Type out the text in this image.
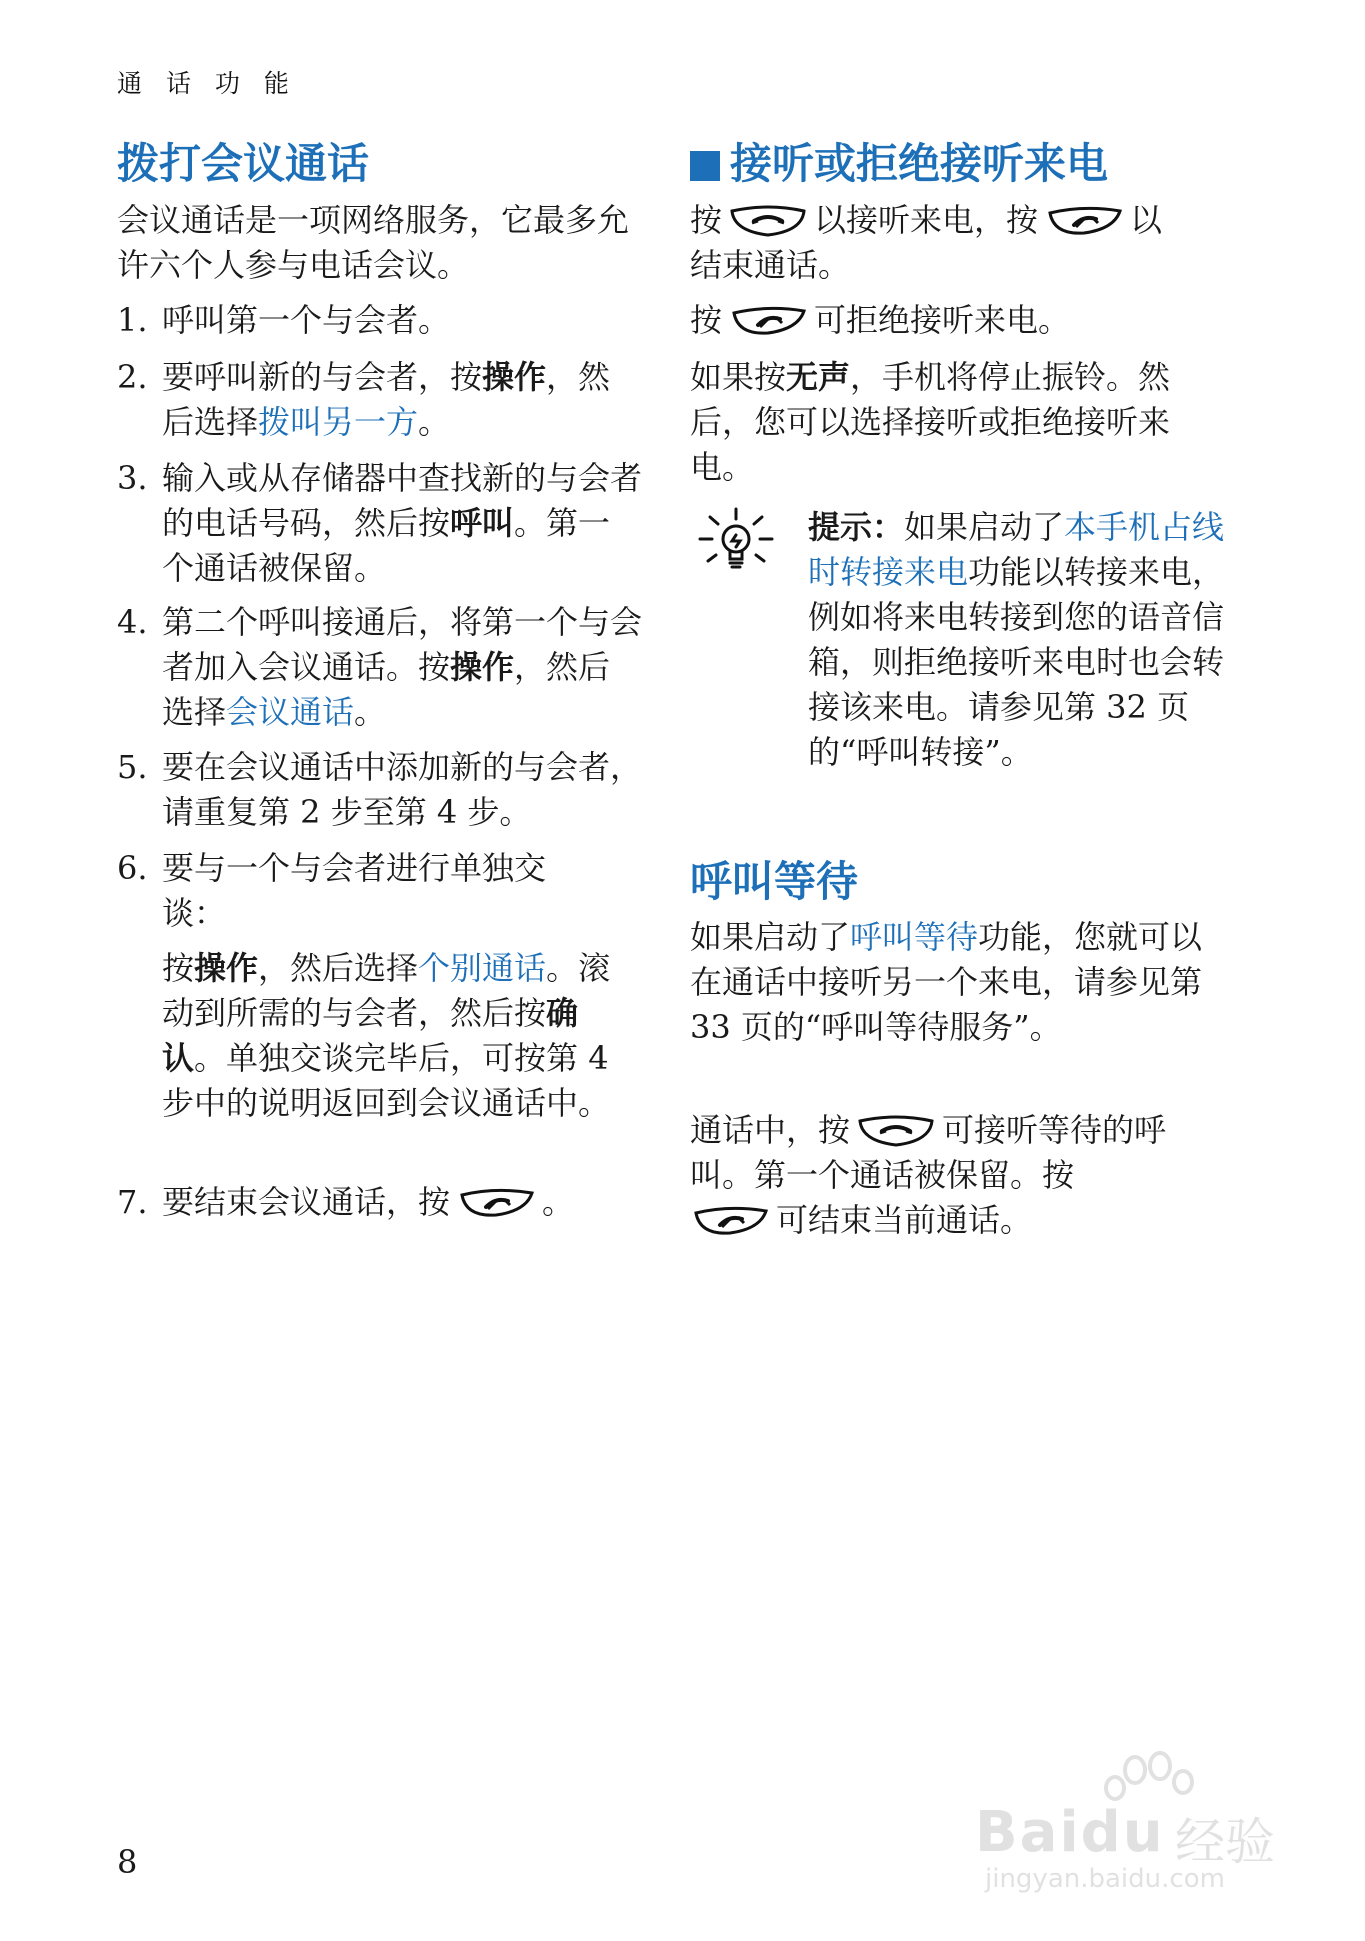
通 话 功 能
拨打会议通话

会议通话是一项网络服务，它最多允许六个人参与电话会议。

1. 呼叫第一个与会者。
2. 要呼叫新的与会者，按操作，然后选择拨叫另一方。
3. 输入或从存储器中查找新的与会者的电话号码，然后按呼叫。第一个通话被保留。
4. 第二个呼叫接通后，将第一个与会者加入会议通话。按操作，然后选择会议通话。
5. 要在会议通话中添加新的与会者，请重复第 2 步至第 4 步。
6. 要与一个与会者进行单独交谈：

按操作，然后选择个别通话。滚动到所需的与会者，然后按确认。单独交谈完毕后，可按第 4 步中的说明返回到会议通话中。

7. 要结束会议通话，按	。
接听或拒绝接听来电

按	以接听来电，按	以
结束通话。

按	可拒绝接听来电。

如果按无声，手机将停止振铃。然后，您可以选择接听或拒绝接听来电。

提示：如果启动了本手机占线时转接来电功能以转接来电，例如将来电转接到您的语音信箱，则拒绝接听来电时也会转接该来电。请参见第 32 页的“呼叫转接”。

呼叫等待

如果启动了呼叫等待功能，您就可以在通话中接听另一个来电，请参见第 33 页的“呼叫等待服务”。

通话中，按	可接听等待的呼叫。第一个通话被保留。按
可结束当前通话。

8	Baidu 经验
jingyan.baidu.com
